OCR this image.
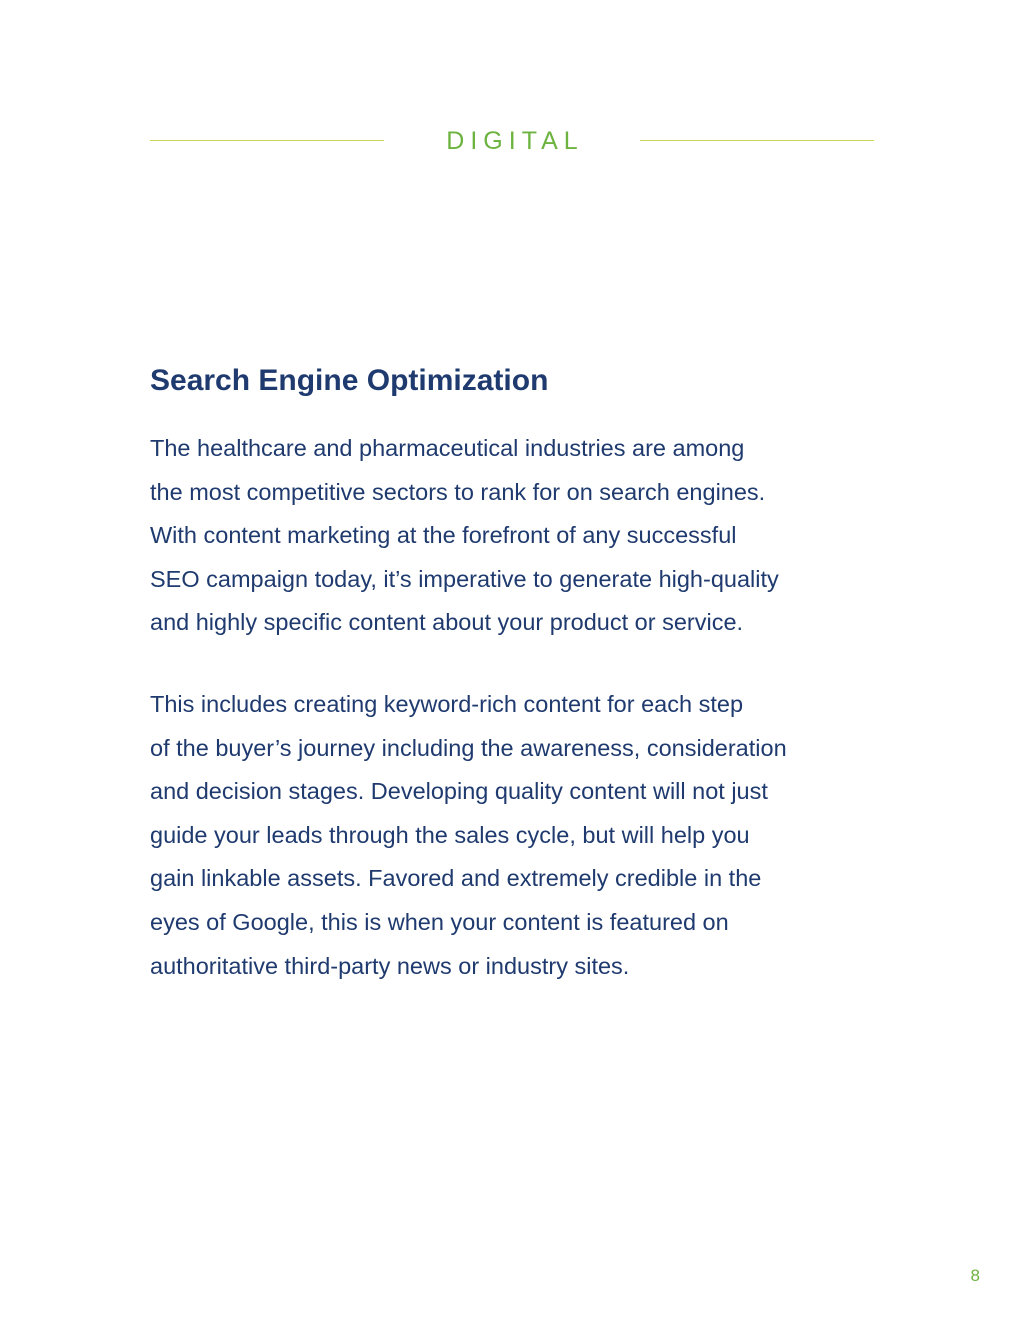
DIGITAL
Search Engine Optimization

The healthcare and pharmaceutical industries are among
the most competitive sectors to rank for on search engines.
With content marketing at the forefront of any successful
SEO campaign today, it’s imperative to generate high-quality
and highly specific content about your product or service.

This includes creating keyword-rich content for each step
of the buyer’s journey including the awareness, consideration
and decision stages. Developing quality content will not just
guide your leads through the sales cycle, but will help you
gain linkable assets. Favored and extremely credible in the
eyes of Google, this is when your content is featured on
authoritative third-party news or industry sites.

8
